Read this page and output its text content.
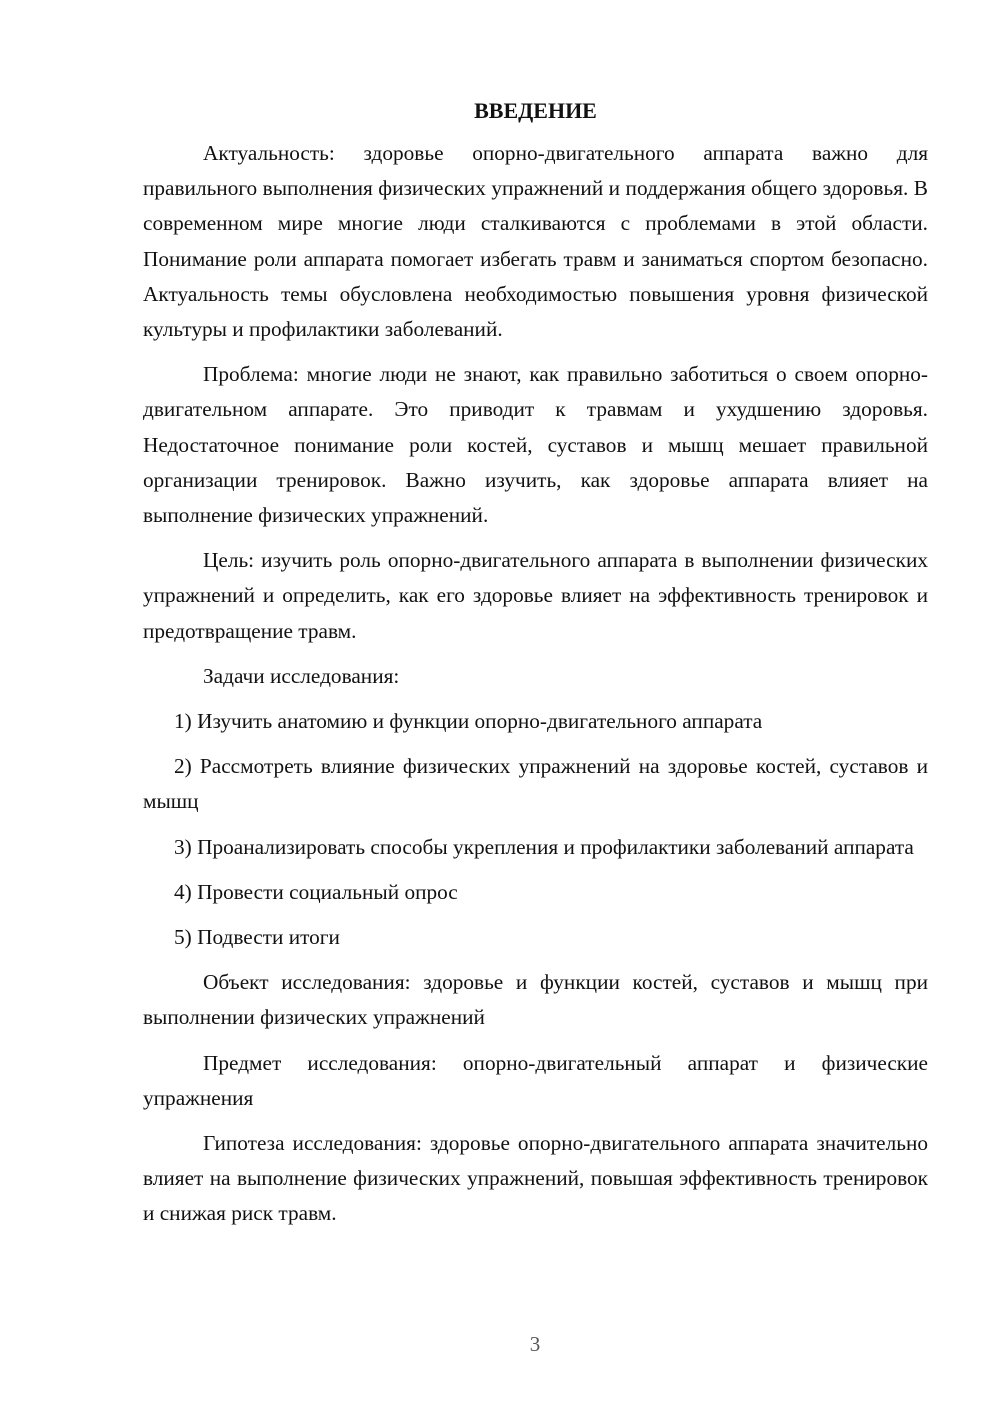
ВВЕДЕНИЕ

Актуальность: здоровье опорно-двигательного аппарата важно для правильного выполнения физических упражнений и поддержания общего здоровья. В современном мире многие люди сталкиваются с проблемами в этой области. Понимание роли аппарата помогает избегать травм и заниматься спортом безопасно. Актуальность темы обусловлена необходимостью повышения уровня физической культуры и профилактики заболеваний.

Проблема: многие люди не знают, как правильно заботиться о своем опорно-двигательном аппарате. Это приводит к травмам и ухудшению здоровья. Недостаточное понимание роли костей, суставов и мышц мешает правильной организации тренировок. Важно изучить, как здоровье аппарата влияет на выполнение физических упражнений.

Цель: изучить роль опорно-двигательного аппарата в выполнении физических упражнений и определить, как его здоровье влияет на эффективность тренировок и предотвращение травм.

Задачи исследования:

1) Изучить анатомию и функции опорно-двигательного аппарата

2) Рассмотреть влияние физических упражнений на здоровье костей, суставов и мышц

3) Проанализировать способы укрепления и профилактики заболеваний аппарата

4) Провести социальный опрос

5) Подвести итоги

Объект исследования: здоровье и функции костей, суставов и мышц при выполнении физических упражнений

Предмет исследования: опорно-двигательный аппарат и физические упражнения

Гипотеза исследования: здоровье опорно-двигательного аппарата значительно влияет на выполнение физических упражнений, повышая эффективность тренировок и снижая риск травм.

3
